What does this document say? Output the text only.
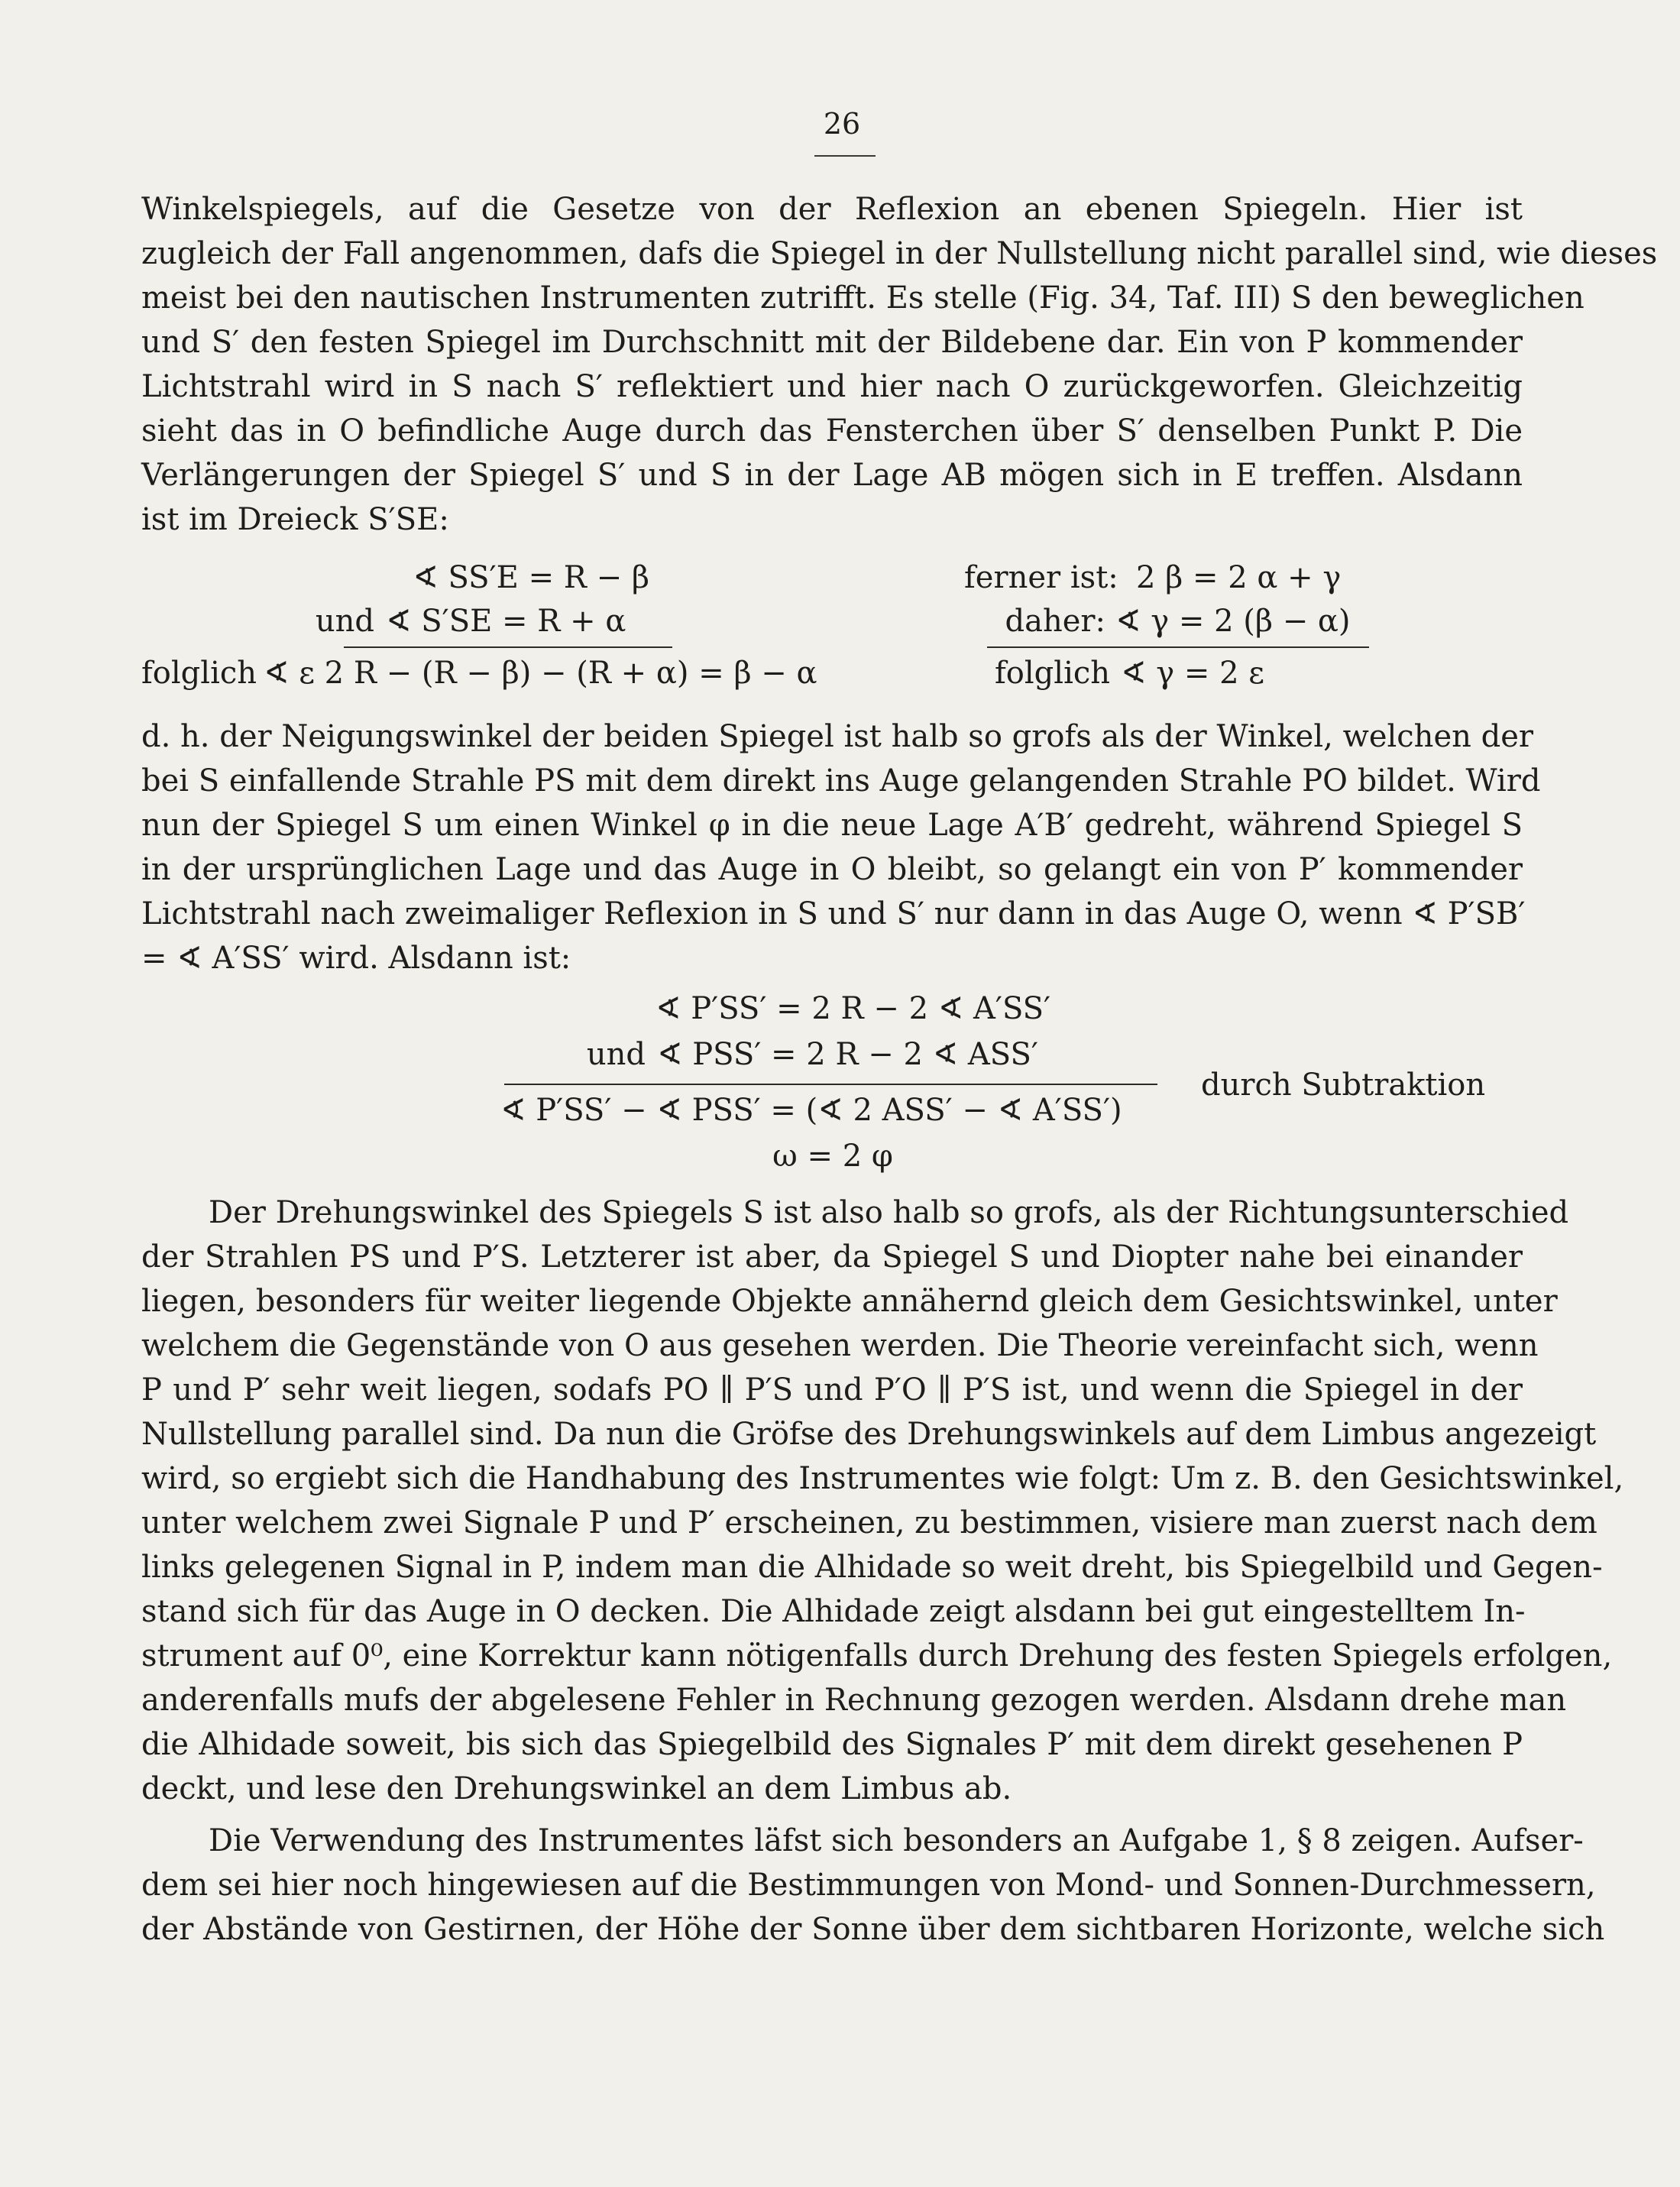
26
Winkelspiegels, auf die Gesetze von der Reflexion an ebenen Spiegeln. Hier ist
zugleich der Fall angenommen, dafs die Spiegel in der Nullstellung nicht parallel sind, wie dieses
meist bei den nautischen Instrumenten zutrifft. Es stelle (Fig. 34, Taf. III) S den beweglichen
und S′ den festen Spiegel im Durchschnitt mit der Bildebene dar. Ein von P kommender
Lichtstrahl wird in S nach S′ reflektiert und hier nach O zurückgeworfen. Gleichzeitig
sieht das in O befindliche Auge durch das Fensterchen über S′ denselben Punkt P. Die
Verlängerungen der Spiegel S′ und S in der Lage AB mögen sich in E treffen. Alsdann
ist im Dreieck S′SE:
∢ SS′E = R − β
und ∢ S′SE = R + α
folglich ∢ ε 2 R − (R − β) − (R + α) = β − α
ferner ist: 2 β = 2 α + γ
daher: ∢ γ = 2 (β − α)
folglich ∢ γ = 2 ε
d. h. der Neigungswinkel der beiden Spiegel ist halb so grofs als der Winkel, welchen der
bei S einfallende Strahle PS mit dem direkt ins Auge gelangenden Strahle PO bildet. Wird
nun der Spiegel S um einen Winkel φ in die neue Lage A′B′ gedreht, während Spiegel S
in der ursprünglichen Lage und das Auge in O bleibt, so gelangt ein von P′ kommender
Lichtstrahl nach zweimaliger Reflexion in S und S′ nur dann in das Auge O, wenn ∢ P′SB′
= ∢ A′SS′ wird. Alsdann ist:
∢ P′SS′ = 2 R − 2 ∢ A′SS′
und ∢ PSS′ = 2 R − 2 ∢ ASS′
∢ P′SS′ − ∢ PSS′ = (∢ 2 ASS′ − ∢ A′SS′)
durch Subtraktion
ω = 2 φ
Der Drehungswinkel des Spiegels S ist also halb so grofs, als der Richtungsunterschied
der Strahlen PS und P′S. Letzterer ist aber, da Spiegel S und Diopter nahe bei einander
liegen, besonders für weiter liegende Objekte annähernd gleich dem Gesichtswinkel, unter
welchem die Gegenstände von O aus gesehen werden. Die Theorie vereinfacht sich, wenn
P und P′ sehr weit liegen, sodafs PO ∥ P′S und P′O ∥ P′S ist, und wenn die Spiegel in der
Nullstellung parallel sind. Da nun die Gröfse des Drehungswinkels auf dem Limbus angezeigt
wird, so ergiebt sich die Handhabung des Instrumentes wie folgt: Um z. B. den Gesichtswinkel,
unter welchem zwei Signale P und P′ erscheinen, zu bestimmen, visiere man zuerst nach dem
links gelegenen Signal in P, indem man die Alhidade so weit dreht, bis Spiegelbild und Gegen-
stand sich für das Auge in O decken. Die Alhidade zeigt alsdann bei gut eingestelltem In-
strument auf 0⁰, eine Korrektur kann nötigenfalls durch Drehung des festen Spiegels erfolgen,
anderenfalls mufs der abgelesene Fehler in Rechnung gezogen werden. Alsdann drehe man
die Alhidade soweit, bis sich das Spiegelbild des Signales P′ mit dem direkt gesehenen P
deckt, und lese den Drehungswinkel an dem Limbus ab.
Die Verwendung des Instrumentes läfst sich besonders an Aufgabe 1, § 8 zeigen. Aufser-
dem sei hier noch hingewiesen auf die Bestimmungen von Mond- und Sonnen-Durchmessern,
der Abstände von Gestirnen, der Höhe der Sonne über dem sichtbaren Horizonte, welche sich
